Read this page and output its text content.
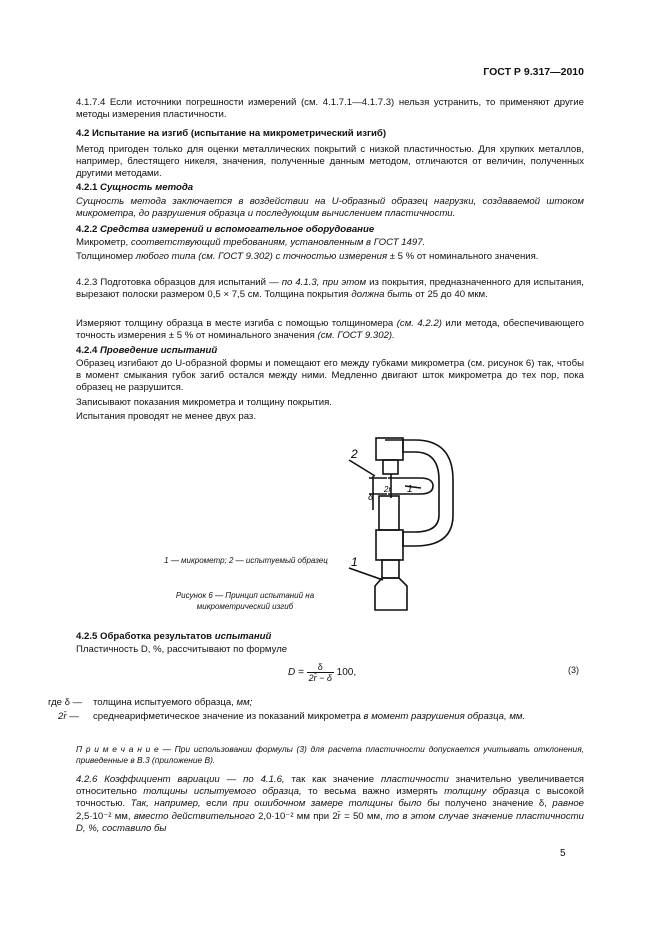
ГОСТ Р 9.317—2010

4.1.7.4 Если источники погрешности измерений (см. 4.1.7.1—4.1.7.3) нельзя устранить, то применяют другие методы измерения пластичности.

4.2 Испытание на изгиб (испытание на микрометрический изгиб)

Метод пригоден только для оценки металлических покрытий с низкой пластичностью. Для хрупких металлов, например, блестящего никеля, значения, полученные данным методом, отличаются от величин, полученных другими методами.

4.2.1 Сущность метода

Сущность метода заключается в воздействии на U-образный образец нагрузки, создаваемой штоком микрометра, до разрушения образца и последующим вычислением пластичности.

4.2.2 Средства измерений и вспомогательное оборудование

Микрометр, соответствующий требованиям, установленным в ГОСТ 1497.

Толщиномер любого типа (см. ГОСТ 9.302) с точностью измерения ± 5 % от номинального значения.

4.2.3 Подготовка образцов для испытаний — по 4.1.3, при этом из покрытия, предназначенного для испытания, вырезают полоски размером 0,5 × 7,5 см. Толщина покрытия должна быть от 25 до 40 мкм.

Измеряют толщину образца в месте изгиба с помощью толщиномера (см. 4.2.2) или метода, обеспечивающего точность измерения ± 5 % от номинального значения (см. ГОСТ 9.302).

4.2.4 Проведение испытаний

Образец изгибают до U-образной формы и помещают его между губками микрометра (см. рисунок 6) так, чтобы в момент смыкания губок загиб остался между ними. Медленно двигают шток микрометра до тех пор, пока образец не разрушится.

Записывают показания микрометра и толщину покрытия.

Испытания проводят не менее двух раз.

2
1
δ
2r 1
1 — микрометр; 2 — испытуемый образец
Рисунок 6 — Принцип испытаний на микрометрический изгиб

4.2.5 Обработка результатов испытаний

Пластичность D, %, рассчитывают по формуле

$D = \frac{\delta}{2r̄ - \delta} 100$,	(3)
где δ — толщина испытуемого образца, мм;
2r̄ — среднеарифметическое значение из показаний микрометра в момент разрушения образца, мм.

П р и м е ч а н и е — При использовании формулы (3) для расчета пластичности допускается учитывать отклонения, приведенные в В.3 (приложение В).

4.2.6 Коэффициент вариации — по 4.1.6, так как значение пластичности значительно увеличивается относительно толщины испытуемого образца, то весьма важно измерять толщину образца с высокой точностью. Так, например, если при ошибочном замере толщины было бы получено значение δ, равное 2,5·10⁻² мм, вместо действительного 2,0·10⁻² мм при 2r̄ = 50 мм, то в этом случае значение пластичности D, %, составило бы

5
